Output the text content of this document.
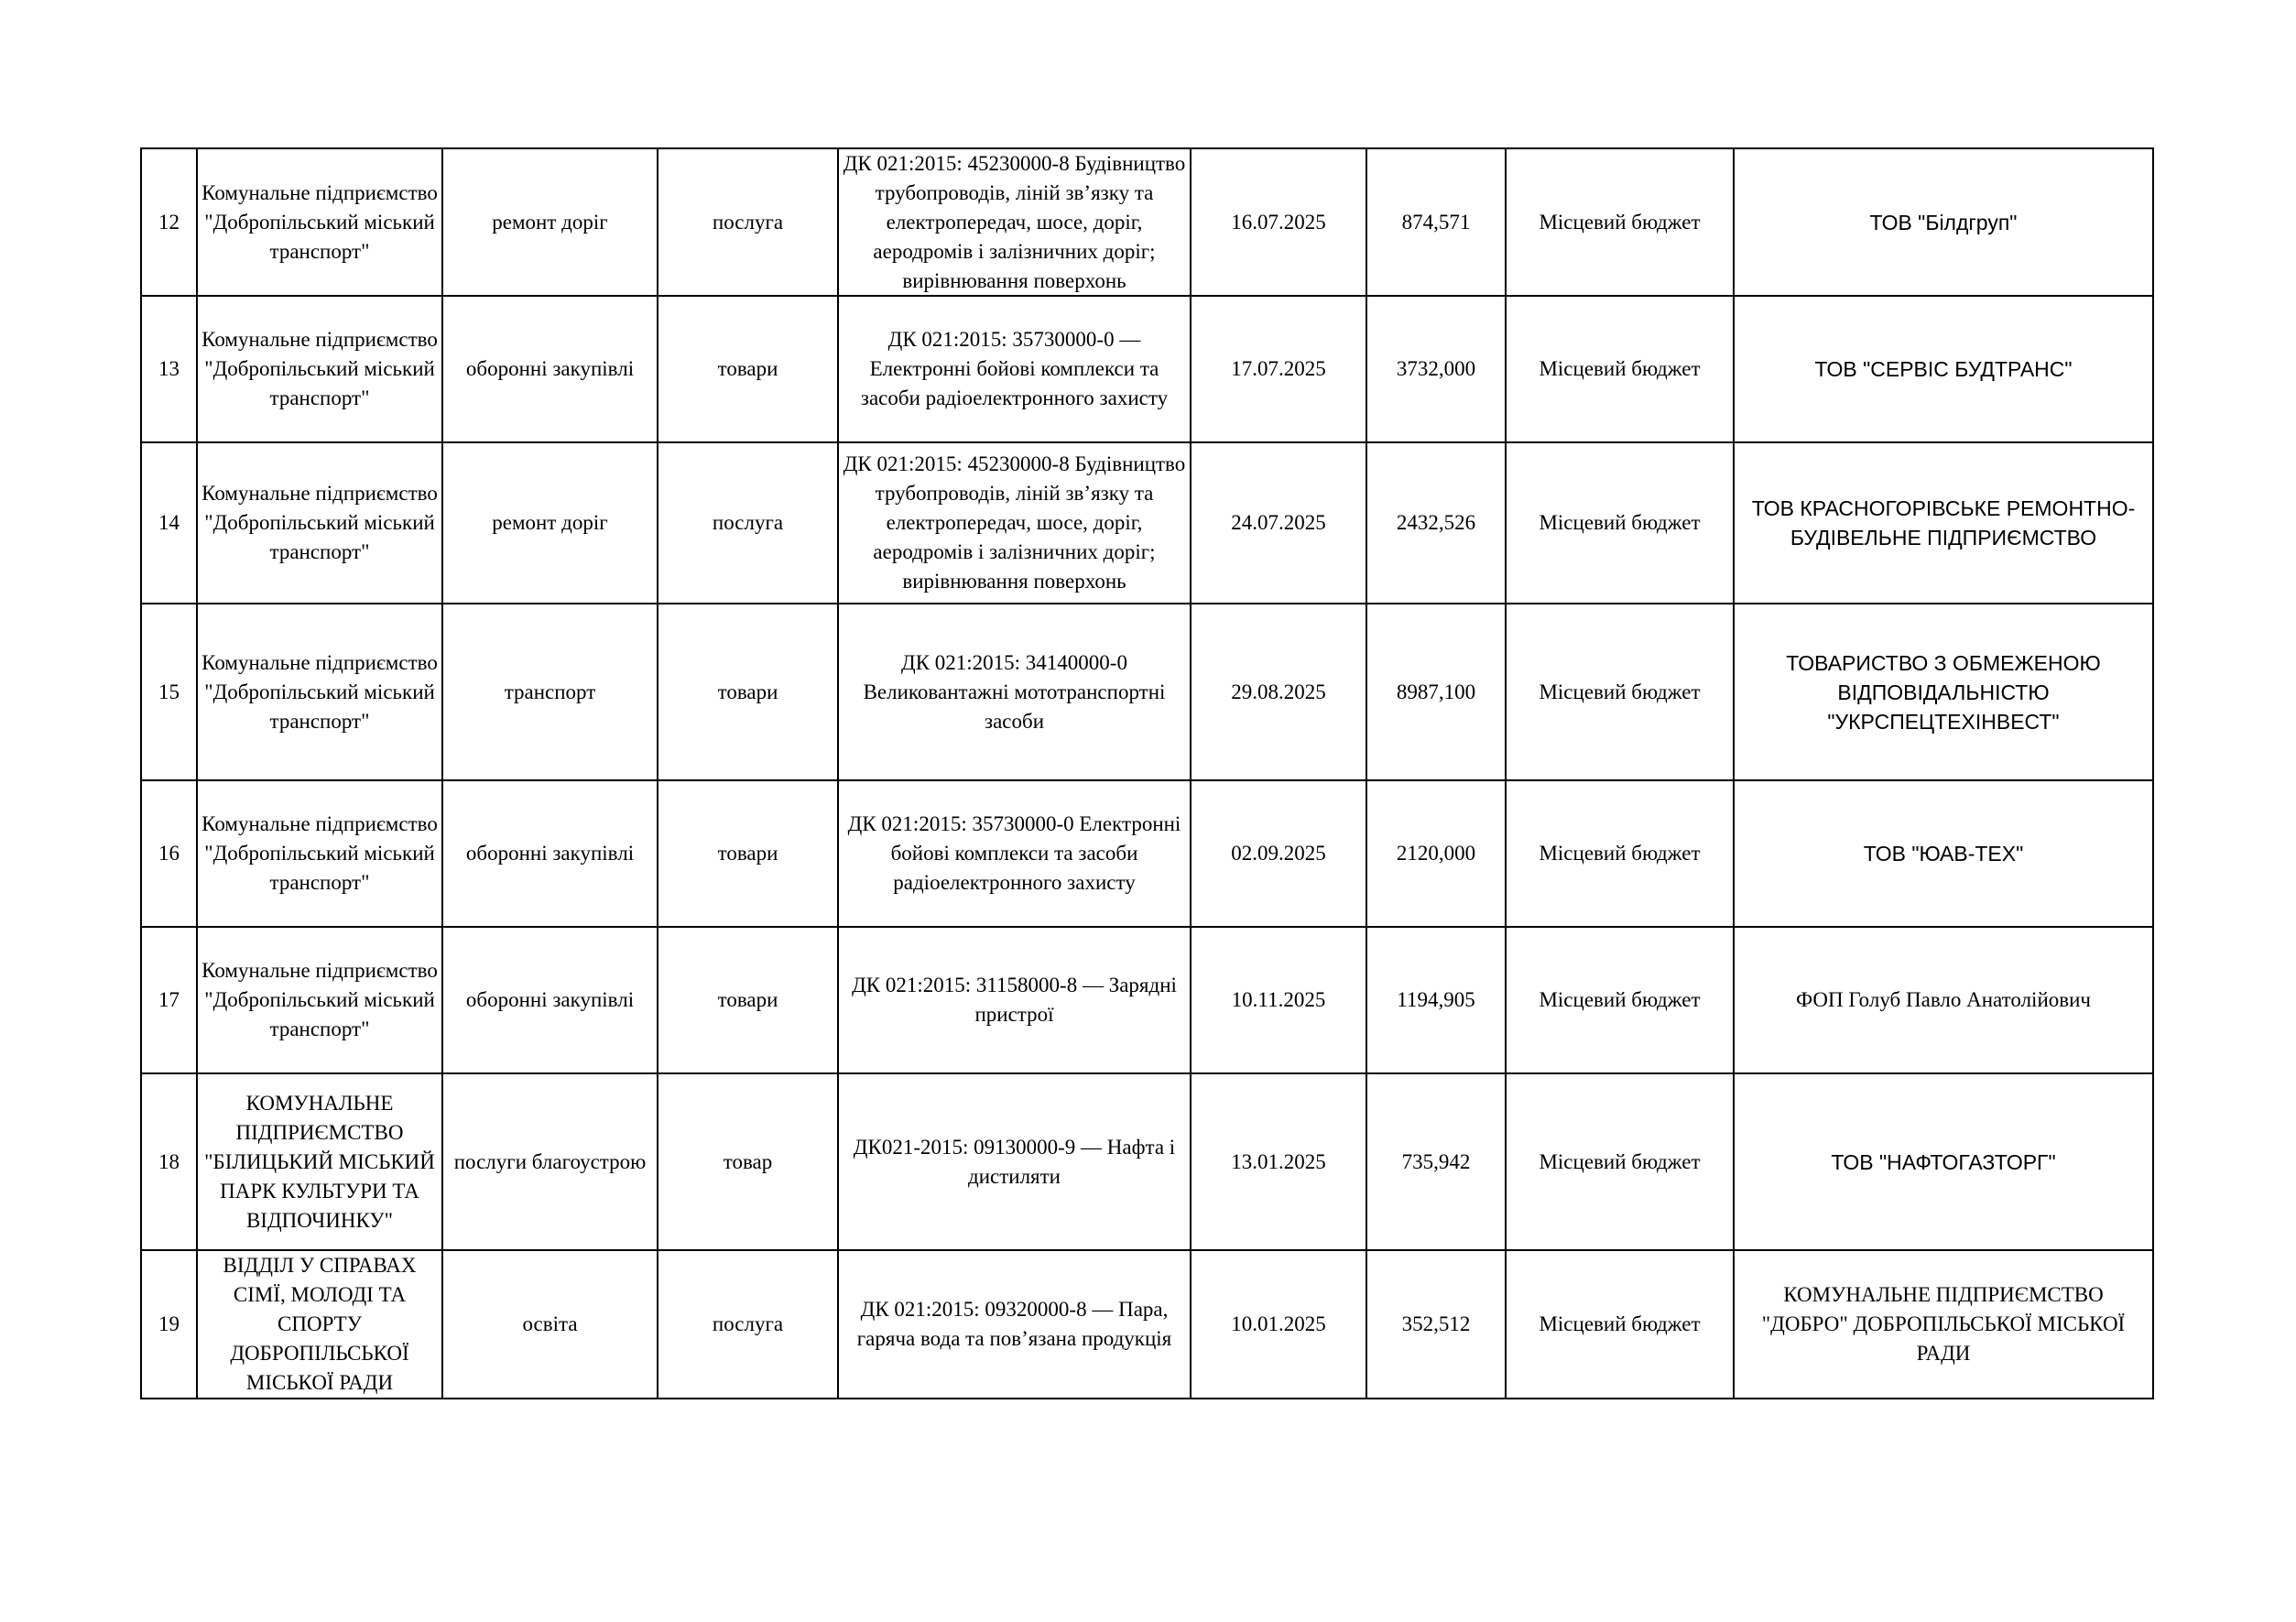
12	Комунальне підприємство "Добропільський міський транспорт"	ремонт доріг	послуга	ДК 021:2015: 45230000-8 Будівництво трубопроводів, ліній зв’язку та електропередач, шосе, доріг, аеродромів і залізничних доріг; вирівнювання поверхонь	16.07.2025	874,571	Місцевий бюджет	ТОВ "Білдгруп"
13	Комунальне підприємство "Добропільський міський транспорт"	оборонні закупівлі	товари	ДК 021:2015: 35730000-0 — Електронні бойові комплекси та засоби радіоелектронного захисту	17.07.2025	3732,000	Місцевий бюджет	ТОВ "СЕРВІС БУДТРАНС"
14	Комунальне підприємство "Добропільський міський транспорт"	ремонт доріг	послуга	ДК 021:2015: 45230000-8 Будівництво трубопроводів, ліній зв’язку та електропередач, шосе, доріг, аеродромів і залізничних доріг; вирівнювання поверхонь	24.07.2025	2432,526	Місцевий бюджет	ТОВ КРАСНОГОРІВСЬКЕ РЕМОНТНО-БУДІВЕЛЬНЕ ПІДПРИЄМСТВО
15	Комунальне підприємство "Добропільський міський транспорт"	транспорт	товари	ДК 021:2015: 34140000-0 Великовантажні мототранспортні засоби	29.08.2025	8987,100	Місцевий бюджет	ТОВАРИСТВО З ОБМЕЖЕНОЮ ВІДПОВІДАЛЬНІСТЮ "УКРСПЕЦТЕХІНВЕСТ"
16	Комунальне підприємство "Добропільський міський транспорт"	оборонні закупівлі	товари	ДК 021:2015: 35730000-0 Електронні бойові комплекси та засоби радіоелектронного захисту	02.09.2025	2120,000	Місцевий бюджет	ТОВ "ЮАВ-ТЕХ"
17	Комунальне підприємство "Добропільський міський транспорт"	оборонні закупівлі	товари	ДК 021:2015: 31158000-8 — Зарядні пристрої	10.11.2025	1194,905	Місцевий бюджет	ФОП Голуб Павло Анатолійович
18	КОМУНАЛЬНЕ ПІДПРИЄМСТВО "БІЛИЦЬКИЙ МІСЬКИЙ ПАРК КУЛЬТУРИ ТА ВІДПОЧИНКУ"	послуги благоустрою	товар	ДК021-2015: 09130000-9 — Нафта і дистиляти	13.01.2025	735,942	Місцевий бюджет	ТОВ "НАФТОГАЗТОРГ"
19	ВІДДІЛ У СПРАВАХ СІМЇ, МОЛОДІ ТА СПОРТУ ДОБРОПІЛЬСЬКОЇ МІСЬКОЇ РАДИ	освіта	послуга	ДК 021:2015: 09320000-8 — Пара, гаряча вода та пов’язана продукція	10.01.2025	352,512	Місцевий бюджет	КОМУНАЛЬНЕ ПІДПРИЄМСТВО "ДОБРО" ДОБРОПІЛЬСЬКОЇ МІСЬКОЇ РАДИ
